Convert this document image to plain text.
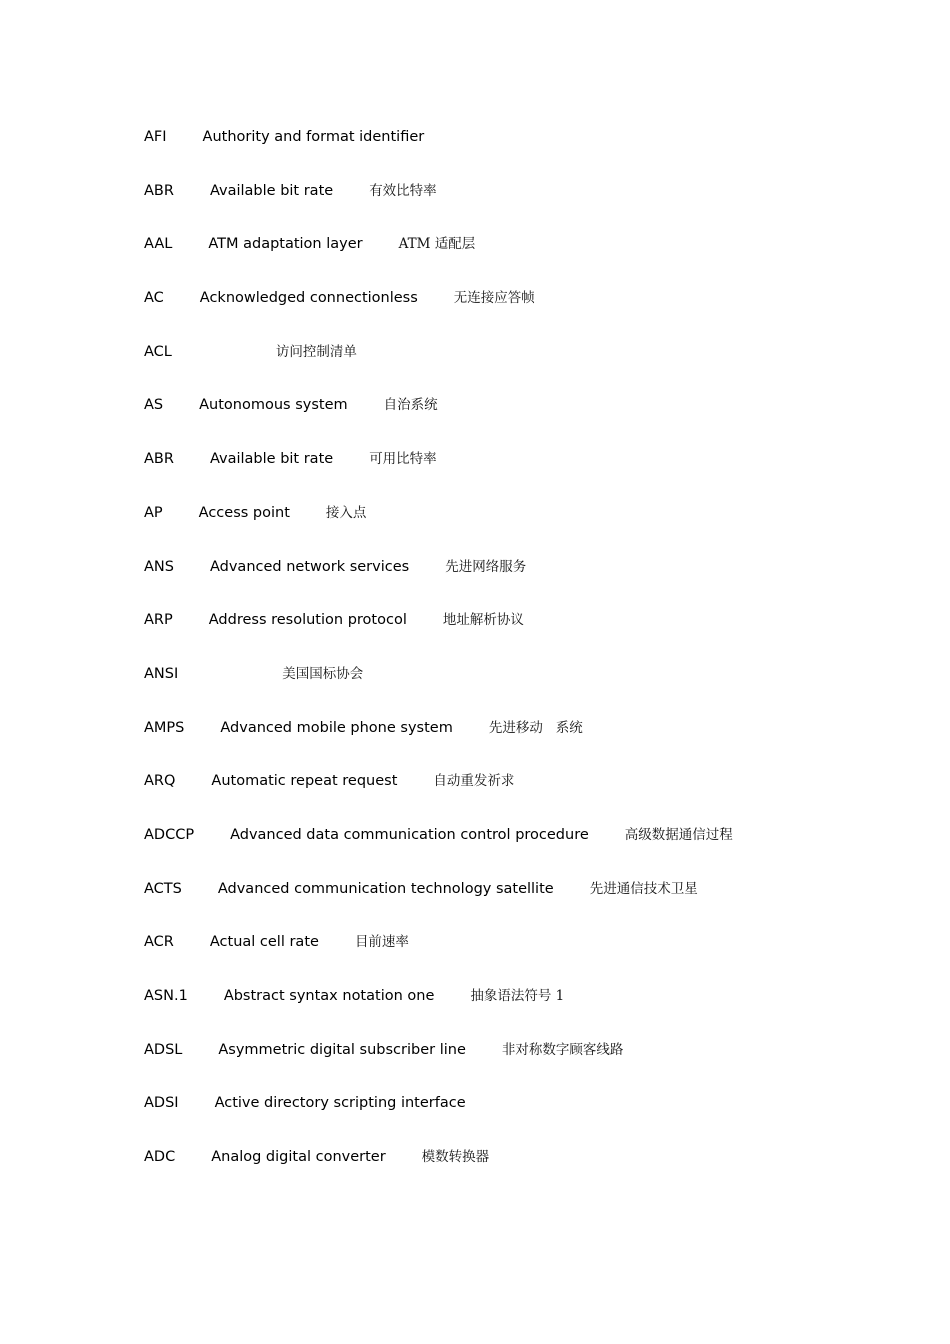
AFI Authority and format identifier
ABR Available bit rate	有效比特率
AAL ATM adaptation layer	ATM 适配层
AC Acknowledged connectionless	无连接应答帧
ACL	访问控制清单
AS Autonomous system	自治系统
ABR Available bit rate	可用比特率
AP Access point	接入点
ANS Advanced network services	先进网络服务
ARP Address resolution protocol	地址解析协议
ANSI	美国国标协会
AMPS Advanced mobile phone system	先进移动   系统
ARQ Automatic repeat request	自动重发祈求
ADCCP Advanced data communication control procedure	高级数据通信过程
ACTS Advanced communication technology satellite	先进通信技术卫星
ACR Actual cell rate	目前速率
ASN.1 Abstract syntax notation one	抽象语法符号 1
ADSL Asymmetric digital subscriber line	非对称数字顾客线路
ADSI Active directory scripting interface
ADC Analog digital converter	模数转换器
